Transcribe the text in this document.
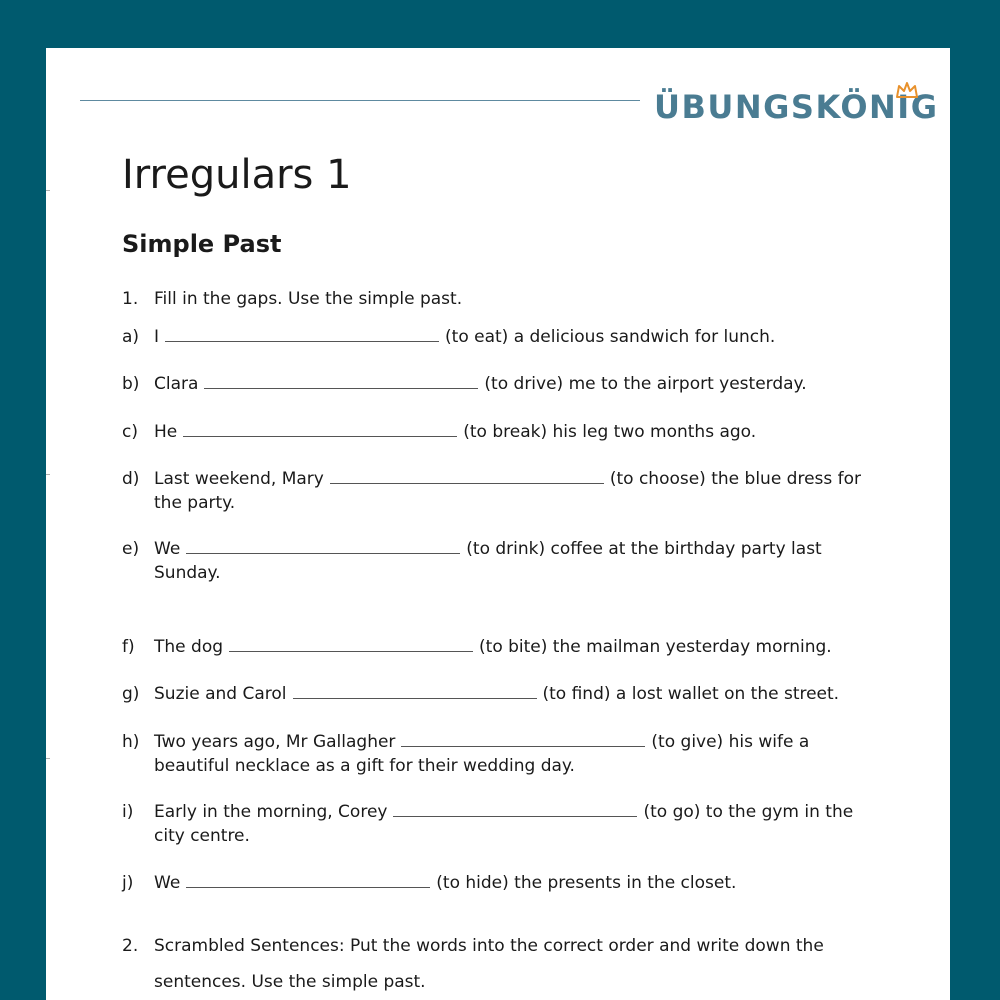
ÜBUNGSKÖNIG
Irregulars 1
Simple Past
1. Fill in the gaps. Use the simple past.
a) I	(to eat) a delicious sandwich for lunch.
b) Clara	(to drive) me to the airport yesterday.
c) He	(to break) his leg two months ago.
d) Last weekend, Mary	(to choose) the blue dress for the party.
e) We	(to drink) coffee at the birthday party last Sunday.
f) The dog	(to bite) the mailman yesterday morning.
g) Suzie and Carol	(to find) a lost wallet on the street.
h) Two years ago, Mr Gallagher	(to give) his wife a beautiful necklace as a gift for their wedding day.
i) Early in the morning, Corey	(to go) to the gym in the city centre.
j) We	(to hide) the presents in the closet.
2. Scrambled Sentences: Put the words into the correct order and write down the sentences. Use the simple past.
